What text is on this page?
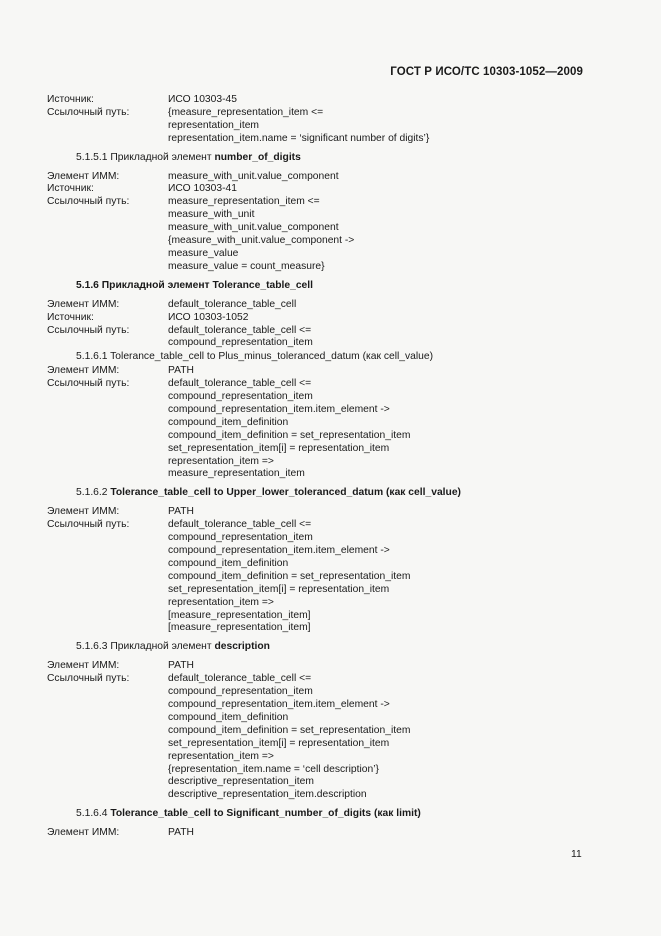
ГОСТ Р ИСО/ТС 10303-1052—2009
Источник:	ИСО 10303-45
Ссылочный путь:	{measure_representation_item <=
representation_item
representation_item.name = ‘significant number of digits’}
5.1.5.1 Прикладной элемент number_of_digits
Элемент ИММ:	measure_with_unit.value_component
Источник:	ИСО 10303-41
Ссылочный путь:	measure_representation_item <=
measure_with_unit
measure_with_unit.value_component
{measure_with_unit.value_component ->
measure_value
measure_value = count_measure}
5.1.6 Прикладной элемент Tolerance_table_cell
Элемент ИММ:	default_tolerance_table_cell
Источник:	ИСО 10303-1052
Ссылочный путь:	default_tolerance_table_cell <=
compound_representation_item
5.1.6.1 Tolerance_table_cell to Plus_minus_toleranced_datum (как cell_value)
Элемент ИММ:	PATH
Ссылочный путь:	default_tolerance_table_cell <=
compound_representation_item
compound_representation_item.item_element ->
compound_item_definition
compound_item_definition = set_representation_item
set_representation_item[i] = representation_item
representation_item =>
measure_representation_item
5.1.6.2 Tolerance_table_cell to Upper_lower_toleranced_datum (как cell_value)
Элемент ИММ:	PATH
Ссылочный путь:	default_tolerance_table_cell <=
compound_representation_item
compound_representation_item.item_element ->
compound_item_definition
compound_item_definition = set_representation_item
set_representation_item[i] = representation_item
representation_item =>
[measure_representation_item]
[measure_representation_item]
5.1.6.3 Прикладной элемент description
Элемент ИММ:	PATH
Ссылочный путь:	default_tolerance_table_cell <=
compound_representation_item
compound_representation_item.item_element ->
compound_item_definition
compound_item_definition = set_representation_item
set_representation_item[i] = representation_item
representation_item =>
{representation_item.name = ‘cell description’}
descriptive_representation_item
descriptive_representation_item.description
5.1.6.4 Tolerance_table_cell to Significant_number_of_digits (как limit)
Элемент ИММ:	PATH
11
